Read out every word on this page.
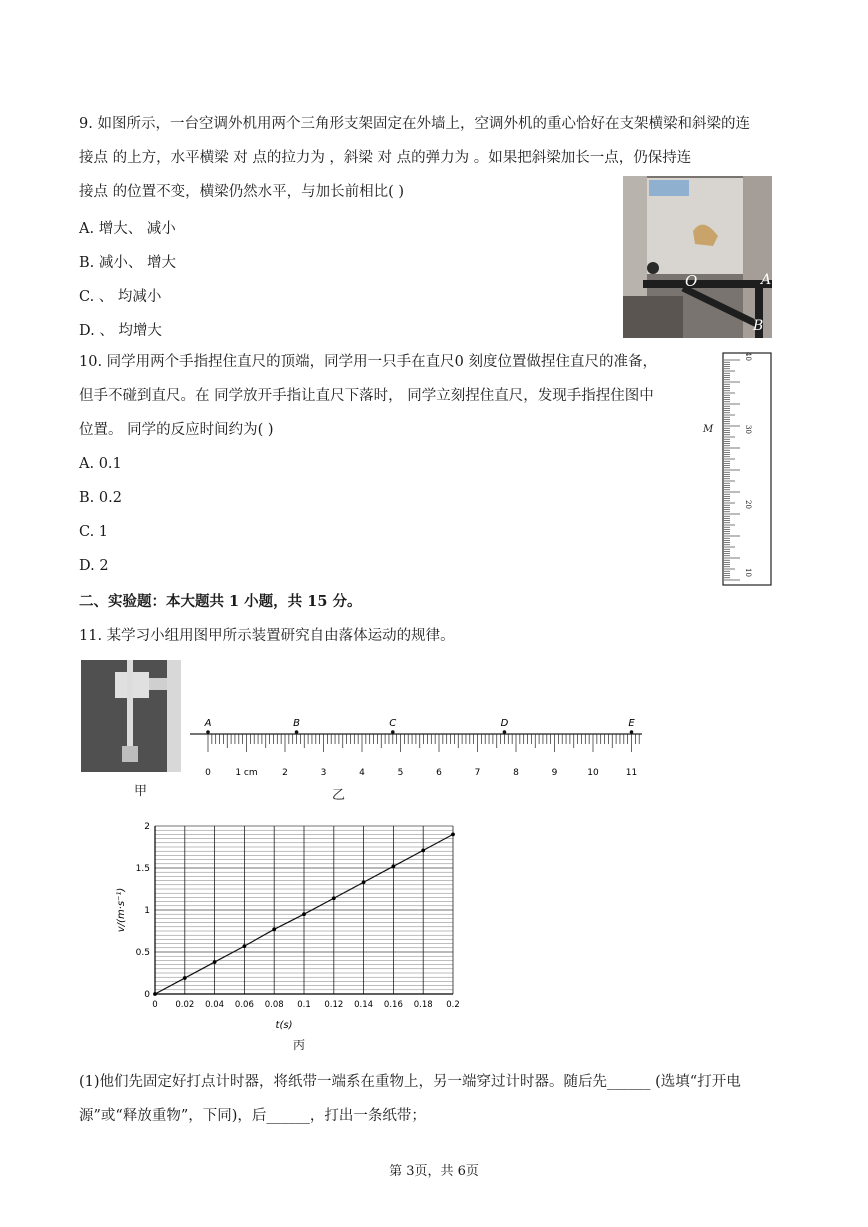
9. 如图所示，一台空调外机用两个三角形支架固定在外墙上，空调外机的重心恰好在支架横梁和斜梁的连
接点 的上方，水平横梁 对 点的拉力为 ，斜梁 对 点的弹力为 。如果把斜梁加长一点，仍保持连
接点 的位置不变，横梁仍然水平，与加长前相比( )
A. 增大、 减小
B. 减小、 增大
C. 、 均减小
D. 、 均增大
O	A
B
10. 同学用两个手指捏住直尺的顶端，同学用一只手在直尺0 刻度位置做捏住直尺的准备，
但手不碰到直尺。在 同学放开手指让直尺下落时， 同学立刻捏住直尺，发现手指捏住图中
位置。 同学的反应时间约为( )
A. 0.1
B. 0.2
C. 1
D. 2
M
40
30
20
10
二、实验题：本大题共 1 小题，共 15 分。
11. 某学习小组用图甲所示装置研究自由落体运动的规律。
甲
A	B	C	D	E
0	1 cm	2	3	4	5	6	7	8	9	10	11
乙
0 0.02 0.04 0.06 0.08 0.1 0.12 0.14 0.16 0.18 0.2
0
0.5
1
1.5
2
t(s)
v/(m·s⁻¹)
丙
(1)他们先固定好打点计时器，将纸带一端系在重物上，另一端穿过计时器。随后先______ (选填“打开电
源”或“释放重物”，下同)，后______，打出一条纸带；
第 3页，共 6页
